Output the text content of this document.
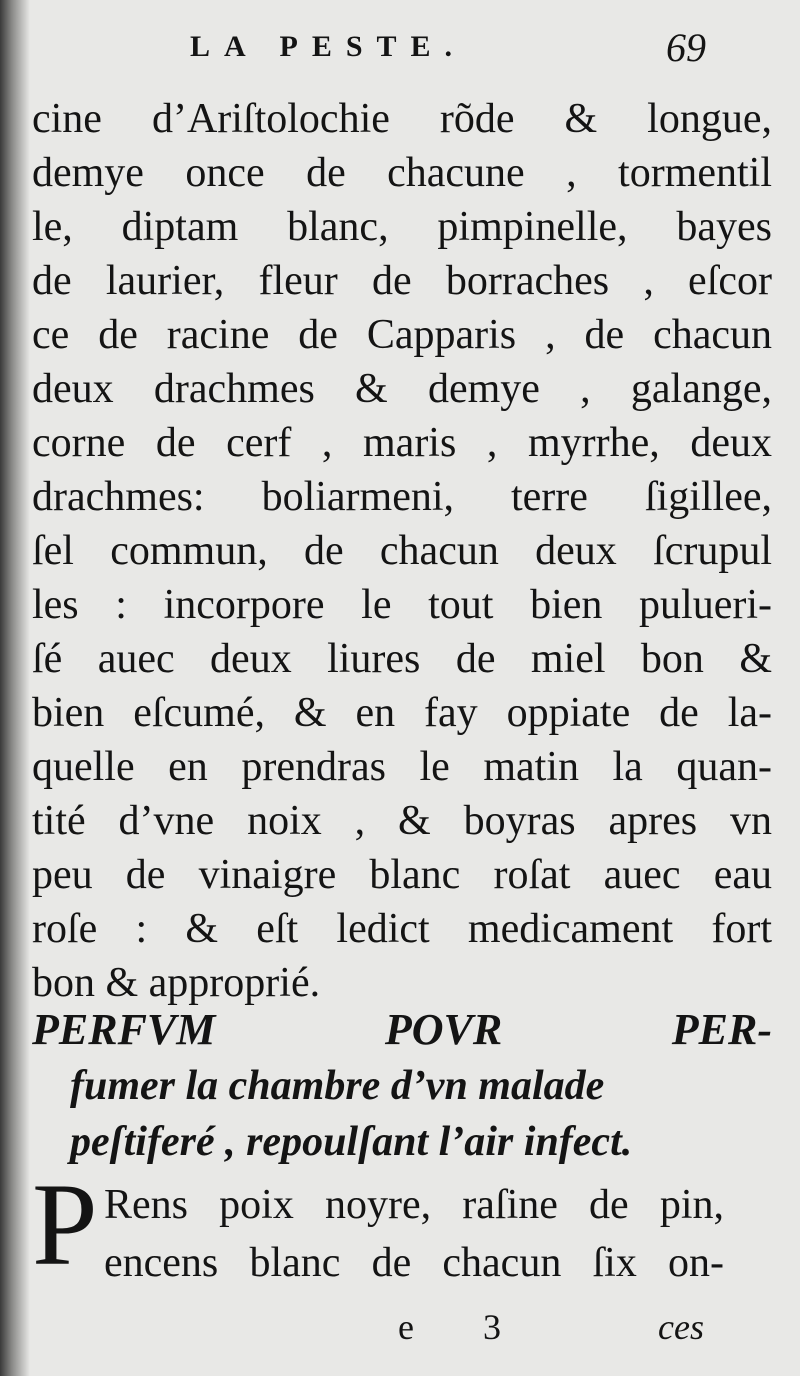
LA PESTE.	69
cine d’Ariſtolochie rõde & longue,
demye once de chacune , tormentil
le, diptam blanc, pimpinelle, bayes
de laurier, fleur de borraches , eſcor
ce de racine de Capparis , de chacun
deux drachmes & demye , galange,
corne de cerf , maris , myrrhe, deux
drachmes: boliarmeni, terre ſigillee,
ſel commun, de chacun deux ſcrupul
les : incorpore le tout bien pulueri-
ſé auec deux liures de miel bon &
bien eſcumé, & en fay oppiate de la-
quelle en prendras le matin la quan-
tité d’vne noix , & boyras apres vn
peu de vinaigre blanc roſat auec eau
roſe : & eſt ledict medicament fort
bon & approprié.
PERFVM POVR PER-
fumer la chambre d’vn malade
peſtiferé , repoulſant l’air infect.
P Rens poix noyre, raſine de pin,
encens blanc de chacun ſix on-
e 3	ces
